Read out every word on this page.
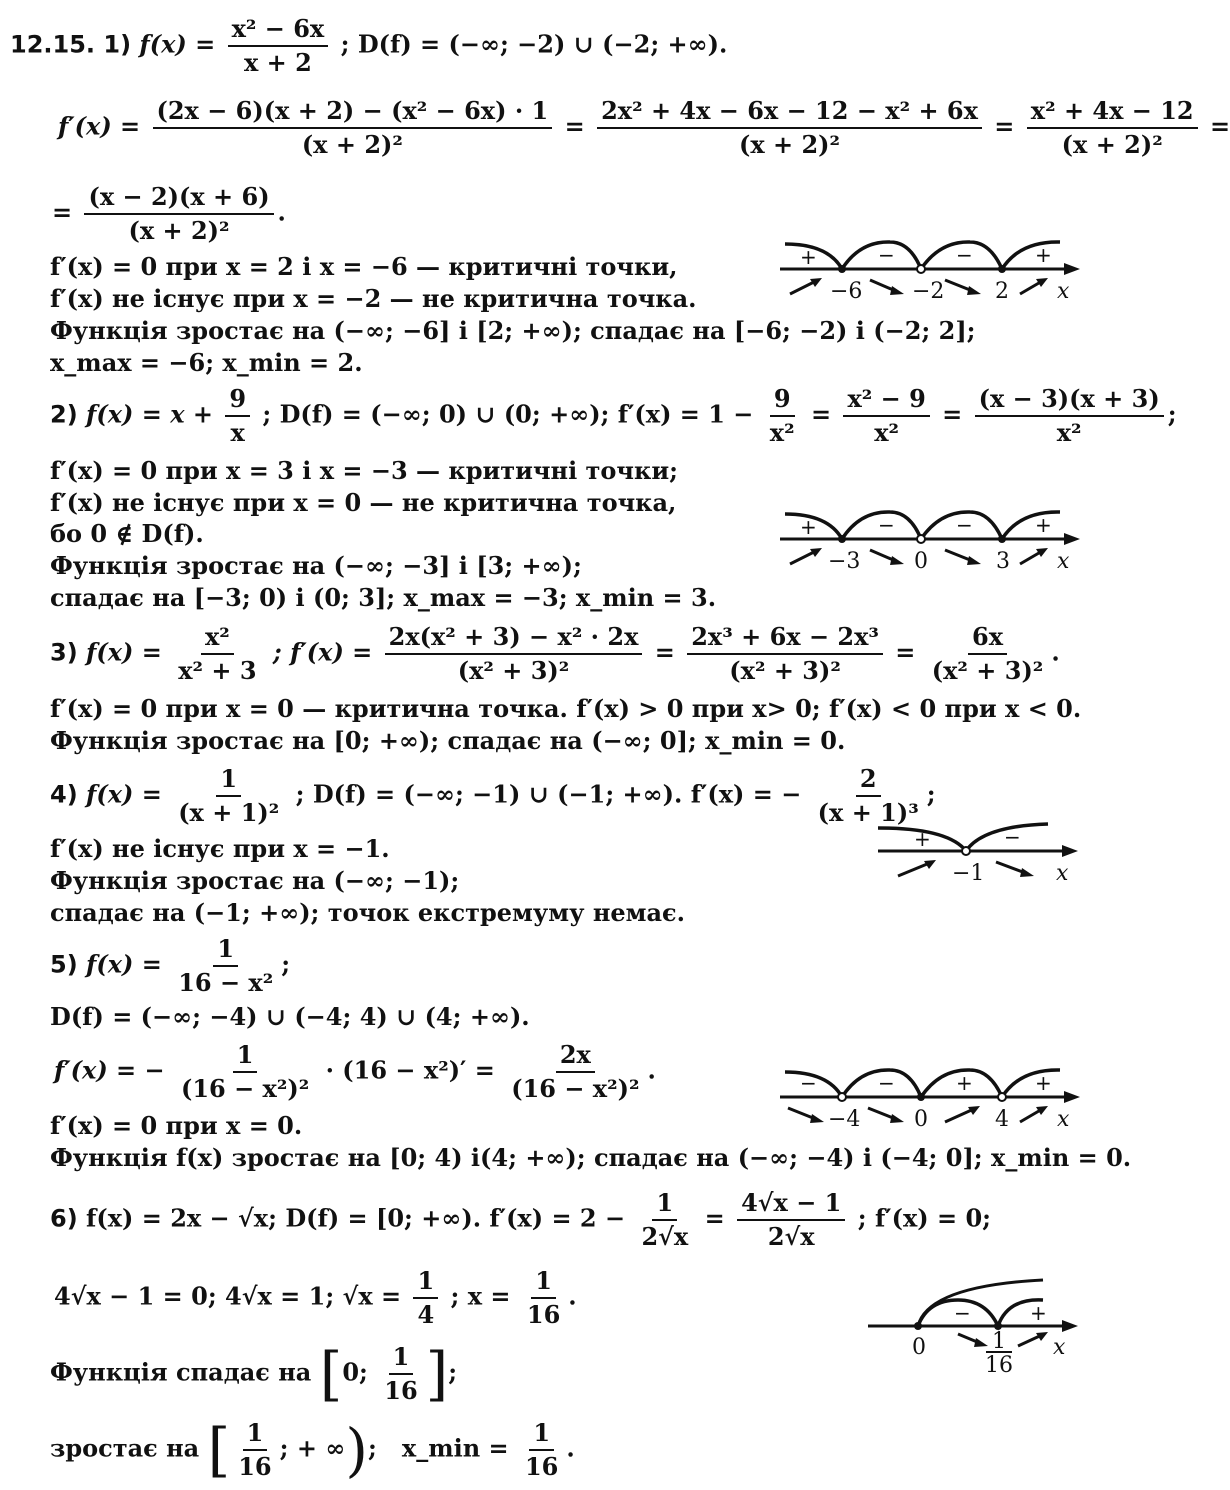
12.15. 1) $f(x) = \frac{\text{x² − 6x}}{x + 2}$ ; D(f) = (−∞; −2) ∪ (−2; +∞).
$f'(x) = \frac{\text{(2x − 6)(x + 2) − (x² − 6x) · 1}}{\text{(x + 2)²}} = \frac{\text{2x² + 4x − 6x − 12 − x² + 6x}}{\text{(x + 2)²}} = \frac{\text{x² + 4x − 12}}{\text{(x + 2)²}}$ =
= $\frac{(x - 2)(x + 6)}{\text{(x + 2)²}}$ .
f′(x) = 0 при x = 2 і x = −6 — критичні точки,
f′(x) не існує при x = −2 — не критична точка.
Функція зростає на (−∞; −6] і [2; +∞); спадає на [−6; −2) і (−2; 2];
x_max = −6; x_min = 2.
+	−	−	+
−6 −2 2 x
2) $f(x) = x + \frac{9}{x}$ ; D(f) = (−∞; 0) ∪ (0; +∞); $f'(x) = 1 - \frac{9}{\text{x²}} = \frac{\text{x² − 9}}{\text{x²}} = \frac{(x - 3)(x + 3)}{\text{x²}}$ ;
f′(x) = 0 при x = 3 і x = −3 — критичні точки;
f′(x) не існує при x = 0 — не критична точка,
бо 0 ∉ D(f).
Функція зростає на (−∞; −3] і [3; +∞);
спадає на [−3; 0) і (0; 3]; x_max = −3; x_min = 3.
+	−	−	+
−3 0	3 x
3) $f(x) = \frac{\text{x²}}{\text{x² + 3}}$ ; $f'(x) = \frac{\text{2x(x² + 3) − x² · 2x}}{\text{(x² + 3)²}} = \frac{\text{2x³ + 6x − 2x³}}{\text{(x² + 3)²}} = \frac{6x}{\text{(x² + 3)²}}$ .
f′(x) = 0 при x = 0 — критична точка. f′(x) > 0 при x> 0; f′(x) < 0 при x < 0.
Функція зростає на [0; +∞); спадає на (−∞; 0]; x_min = 0.
4) $f(x) = \frac{1}{\text{(x + 1)²}}$ ; D(f) = (−∞; −1) ∪ (−1; +∞). f′(x) = − $\frac{2}{\text{(x + 1)³}}$ ;
f′(x) не існує при x = −1.
Функція зростає на (−∞; −1);
спадає на (−1; +∞); точок екстремуму немає.
+	−
−1	x
5) $f(x) = \frac{1}{\text{16 − x²}}$ ;
D(f) = (−∞; −4) ∪ (−4; 4) ∪ (4; +∞).
f′(x) = − $\frac{1}{\text{(16 − x²)²}} \cdot (16 - x^2)' = \frac{2x}{\text{(16 − x²)²}}$ .
f′(x) = 0 при x = 0.
Функція f(x) зростає на [0; 4) і(4; +∞); спадає на (−∞; −4) і (−4; 0]; x_min = 0.
−	−	+	+
−4 0	4 x
6) f(x) = 2x − √x; D(f) = [0; +∞). $f'(x) = 2 - \frac{1}{2√x} = \frac{4√x - 1}{2√x}$ ; f′(x) = 0;
4√x − 1 = 0; 4√x = 1; $√x = \frac{1}{4}$ ; $x = \frac{1}{16}$ .
Функція спадає на [0; $\frac{1}{16}$ ];
зростає на [ $\frac{1}{16}$ ; + ∞); x_min = $\frac{1}{16}$ .
−	+
0	1
16
x
